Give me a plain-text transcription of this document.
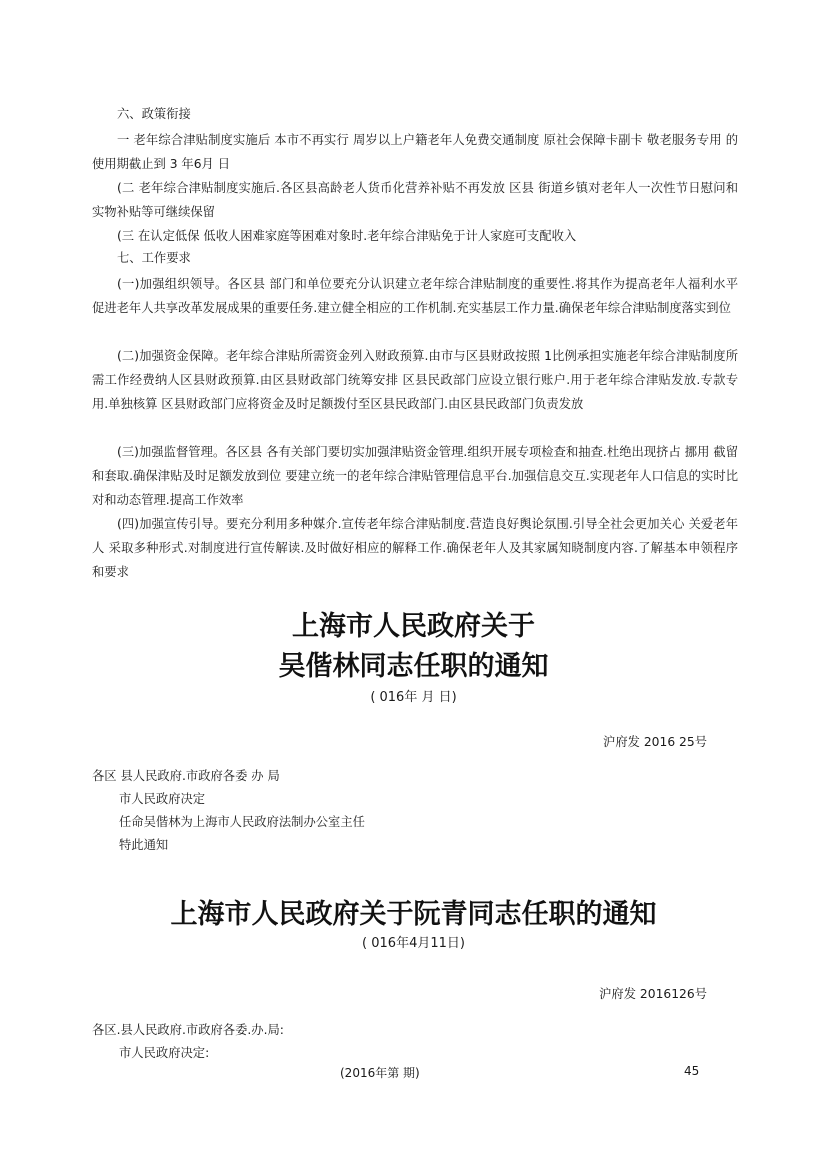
六、政策衔接
一 老年综合津贴制度实施后 本市不再实行 周岁以上户籍老年人免费交通制度 原社会保障卡副卡 敬老服务专用 的使用期截止到 3 年6月 日
(二 老年综合津贴制度实施后.各区县高龄老人货币化营养补贴不再发放 区县 街道乡镇对老年人一次性节日慰问和实物补贴等可继续保留
(三 在认定低保 低收人困难家庭等困难对象时.老年综合津贴免于计人家庭可支配收入
七、工作要求
(一)加强组织领导。各区县 部门和单位要充分认识建立老年综合津贴制度的重要性.将其作为提高老年人福利水平 促进老年人共享改革发展成果的重要任务.建立健全相应的工作机制.充实基层工作力量.确保老年综合津贴制度落实到位
(二)加强资金保障。老年综合津贴所需资金列入财政预算.由市与区县财政按照 1比例承担实施老年综合津贴制度所需工作经费纳人区县财政预算.由区县财政部门统筹安排 区县民政部门应设立银行账户.用于老年综合津贴发放.专款专用.单独核算 区县财政部门应将资金及时足额拨付至区县民政部门.由区县民政部门负责发放
(三)加强监督管理。各区县 各有关部门要切实加强津贴资金管理.组织开展专项检查和抽查.杜绝出现挤占 挪用 截留和套取.确保津贴及时足额发放到位 要建立统一的老年综合津贴管理信息平台.加强信息交互.实现老年人口信息的实时比对和动态管理.提高工作效率
(四)加强宣传引导。要充分利用多种媒介.宣传老年综合津贴制度.营造良好舆论氛围.引导全社会更加关心 关爱老年人 采取多种形式.对制度进行宣传解读.及时做好相应的解释工作.确保老年人及其家属知晓制度内容.了解基本申领程序和要求
上海市人民政府关于
吴偕林同志任职的通知
( 016年 月 日)
沪府发 2016 25号
各区 县人民政府.市政府各委 办 局
市人民政府决定
任命吴偕林为上海市人民政府法制办公室主任
特此通知
上海市人民政府关于阮青同志任职的通知
( 016年4月11日)
沪府发 2016126号
各区.县人民政府.市政府各委.办.局:
市人民政府决定:
(2016年第 期)	45
